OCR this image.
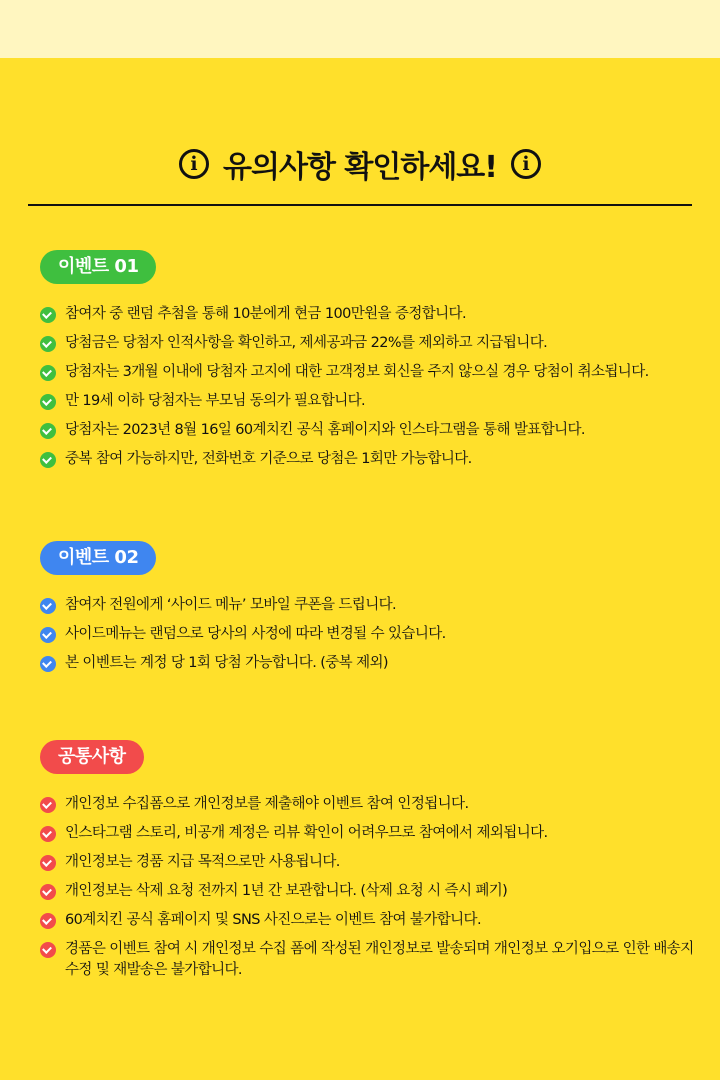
i 유의사항 확인하세요!	i
이벤트 01
참여자 중 랜덤 추첨을 통해 10분에게 현금 100만원을 증정합니다.
당첨금은 당첨자 인적사항을 확인하고, 제세공과금 22%를 제외하고 지급됩니다.
당첨자는 3개월 이내에 당첨자 고지에 대한 고객정보 회신을 주지 않으실 경우 당첨이 취소됩니다.
만 19세 이하 당첨자는 부모님 동의가 필요합니다.
당첨자는 2023년 8월 16일 60계치킨 공식 홈페이지와 인스타그램을 통해 발표합니다.
중복 참여 가능하지만, 전화번호 기준으로 당첨은 1회만 가능합니다.
이벤트 02
참여자 전원에게 ‘사이드 메뉴’ 모바일 쿠폰을 드립니다.
사이드메뉴는 랜덤으로 당사의 사정에 따라 변경될 수 있습니다.
본 이벤트는 계정 당 1회 당첨 가능합니다. (중복 제외)
공통사항
개인정보 수집폼으로 개인정보를 제출해야 이벤트 참여 인정됩니다.
인스타그램 스토리, 비공개 계정은 리뷰 확인이 어려우므로 참여에서 제외됩니다.
개인정보는 경품 지급 목적으로만 사용됩니다.
개인정보는 삭제 요청 전까지 1년 간 보관합니다. (삭제 요청 시 즉시 폐기)
60계치킨 공식 홈페이지 및 SNS 사진으로는 이벤트 참여 불가합니다.
경품은 이벤트 참여 시 개인정보 수집 폼에 작성된 개인정보로 발송되며 개인정보 오기입으로 인한 배송지 수정 및 재발송은 불가합니다.
